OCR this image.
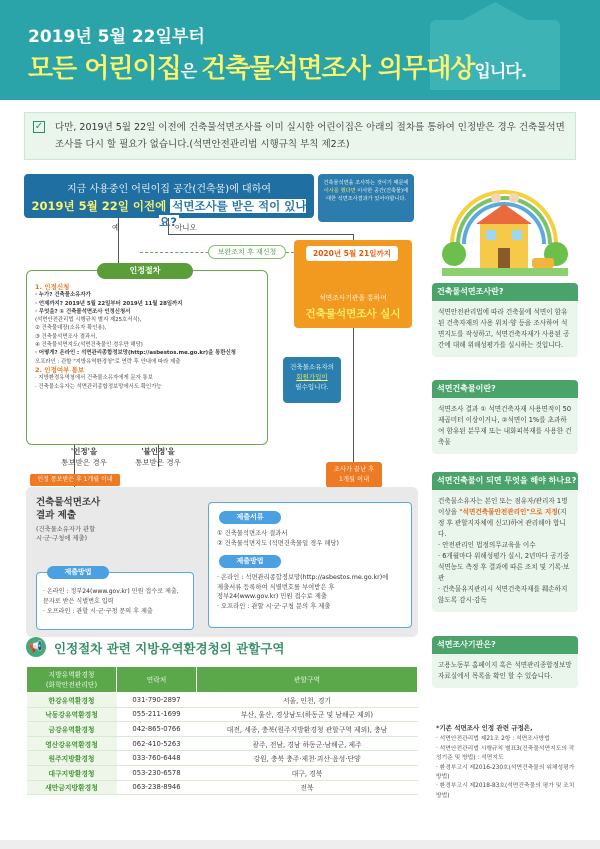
2019년 5월 22일부터
모든 어린이집은 건축물석면조사 의무대상입니다.
✓ 다만, 2019년 5월 22일 이전에 건축물석면조사를 이미 실시한 어린이집은 아래의 절차를 통하여 인정받은 경우 건축물석면조사를 다시 할 필요가 없습니다.(석면안전관리법 시행규칙 부칙 제2조)
지금 사용중인 어린이집 공간(건축물)에 대하여
2019년 5월 22일 이전에 석면조사를 받은 적이 있나요?
건축물석면을 조사하는 것이기 때문에 이사를 했다면 이사한 공간(건축물)에 대한 석면조사결과가 있어야합니다.
예	아니오
보완조치 후 재신청
인정절차
1. 인정신청
· 누가? 건축물소유자가
· 언제까지? 2019년 5월 22일부터 2019년 11월 28일까지
· 무엇을? ① 건축물석면조사 인정신청서
(석면안전관리법 시행규칙 별지 제25호서식),
② 건축물대장(소유자 확인용),
③ 건축물석면조사 결과서,
④ 건축물석면지도(석면건축물인 경우만 해당)
· 어떻게? 온라인 : 석면관리종합정보망(http://asbestos.me.go.kr)을 통한신청
오프라인 : 관할 "지방유역환경청"로 연락 후 안내에 따라 제출
2. 인정여부 통보
· 지방환경유역청에서 건축물소유자에게 문자 통보
· 건축물소유자는 석면관리종합정보망에서도 확인가능
건축물소유자의
회원가입이
필수입니다.
2020년 5월 21일까지
석면조사기관을 통하여
건축물석면조사 실시
조사가 끝난 후
1개월 이내
'인정'을
통보받은 경우
인정 통보받은 후 1개월 이내
'불인정'을
통보받은 경우
건축물석면조사
결과 제출
(건축물소유자가 관할
시·군·구청에 제출)
제출방법
· 온라인 : 정부24(www.gov.kr) 민원 접수로 제출,
문자로 받은 식별번호 입력
· 오프라인 : 관할 시·군·구청 문의 후 제출
제출서류
① 건축물석면조사 결과서
② 건축물석면지도 (석면건축물일 경우 해당)
제출방법
· 온라인 : 석면관리종합정보망(http://asbestos.me.go.kr)에
제출서류 등록하여 식별번호를 부여받은 후
정부24(www.gov.kr) 민원 접수로 제출
· 오프라인 : 관할 시·군·구청 문의 후 제출
📢 인정절차 관련 지방유역환경청의 관할구역
지방유역환경청
(화학안전관리단)	연락처	관할구역
한강유역환경청	031-790-2897	서울, 인천, 경기
낙동강유역환경청	055-211-1699	부산, 울산, 경상남도(하동군 및 남해군 제외)
금강유역환경청	042-865-0766	대전, 세종, 충북(원주지방환경청 관할구역 제외), 충남
영산강유역환경청	062-410-5263	광주, 전남, 경남 하동군·남해군, 제주
원주지방환경청	033-760-6448	강원, 충북 충주·제천·괴산·음성·단양
대구지방환경청	053-230-6578	대구, 경북
새만금지방환경청	063-238-8946	전북
건축물석면조사란?
석면안전관리법에 따라 건축물에 석면이 함유된 건축자재의 사용 위치·양 등을 조사하여 석면지도를 작성하고, 석면건축자재가 사용된 공간에 대해 위해성평가를 실시하는 것입니다.
석면건축물이란?
석면조사 결과 ① 석면건축자재 사용면적이 50제곱미터 이상이거나, ②석면이 1%를 초과하여 함유된 분무재 또는 내화피복재를 사용한 건축물
석면건축물이 되면 무엇을 해야 하나요?
건축물소유자는 본인 또는 점유자/관리자 1명 이상을 "석면건축물안전관리인"으로 지정(지정 후 관할지자체에 신고)하여 관리해야 합니다.
· 안전관리인 법정의무교육을 이수
· 6개월마다 위해성평가 실시, 2년마다 공기중 석면농도 측정 후 결과에 따른 조치 및 기록·보관
· 건축물유지관리시 석면건축자재를 훼손하지 않도록 감시·감독
석면조사기관은?
고용노동부 홈페이지 혹은 석면관리종합정보망 자료실에서 목록을 확인 할 수 있습니다.
*기존 석면조사 인정 관련 규정은,
· 석면안전관리법 제21조 2항 : 석면조사방법
· 석면안전관리법 시행규칙 별표3(건축물석면지도의 작성기준 및 방법) : 석면지도
· 환경부고시 제2016-230호(석면건축물의 위해성평가 방법)
· 환경부고시 제2018-83호(석면건축물의 평가 및 조치방법)
